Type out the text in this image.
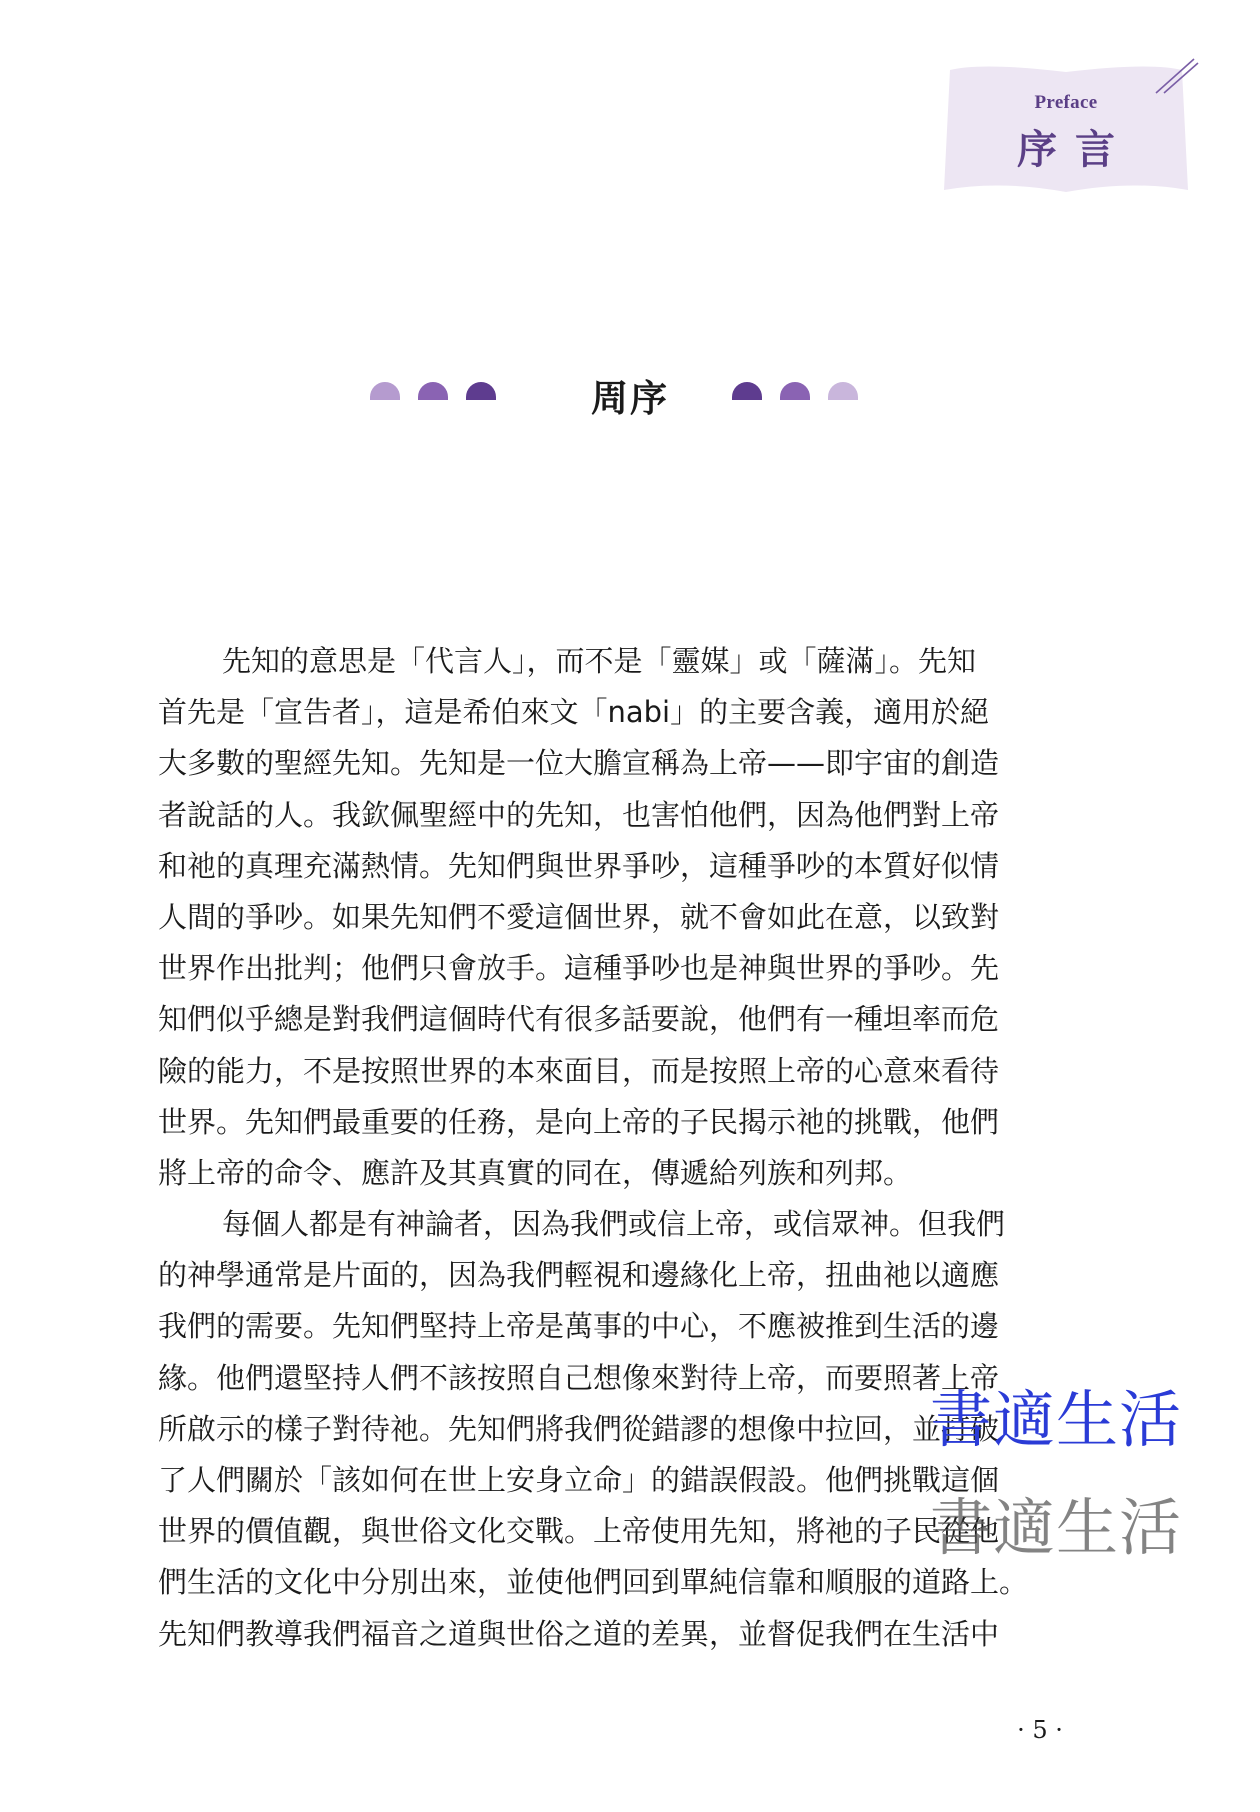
Preface
序言
周序
先知的意思是「代言人」，而不是「靈媒」或「薩滿」。先知
首先是「宣告者」，這是希伯來文「nabi」的主要含義，適用於絕
大多數的聖經先知。先知是一位大膽宣稱為上帝——即宇宙的創造
者說話的人。我欽佩聖經中的先知，也害怕他們，因為他們對上帝
和祂的真理充滿熱情。先知們與世界爭吵，這種爭吵的本質好似情
人間的爭吵。如果先知們不愛這個世界，就不會如此在意，以致對
世界作出批判；他們只會放手。這種爭吵也是神與世界的爭吵。先
知們似乎總是對我們這個時代有很多話要說，他們有一種坦率而危
險的能力，不是按照世界的本來面目，而是按照上帝的心意來看待
世界。先知們最重要的任務，是向上帝的子民揭示祂的挑戰，他們
將上帝的命令、應許及其真實的同在，傳遞給列族和列邦。
每個人都是有神論者，因為我們或信上帝，或信眾神。但我們
的神學通常是片面的，因為我們輕視和邊緣化上帝，扭曲祂以適應
我們的需要。先知們堅持上帝是萬事的中心，不應被推到生活的邊
緣。他們還堅持人們不該按照自己想像來對待上帝，而要照著上帝
所啟示的樣子對待祂。先知們將我們從錯謬的想像中拉回，並打破
了人們關於「該如何在世上安身立命」的錯誤假設。他們挑戰這個
世界的價值觀，與世俗文化交戰。上帝使用先知，將祂的子民從他
們生活的文化中分別出來，並使他們回到單純信靠和順服的道路上。
先知們教導我們福音之道與世俗之道的差異，並督促我們在生活中
書適生活
書適生活
· 5 ·
